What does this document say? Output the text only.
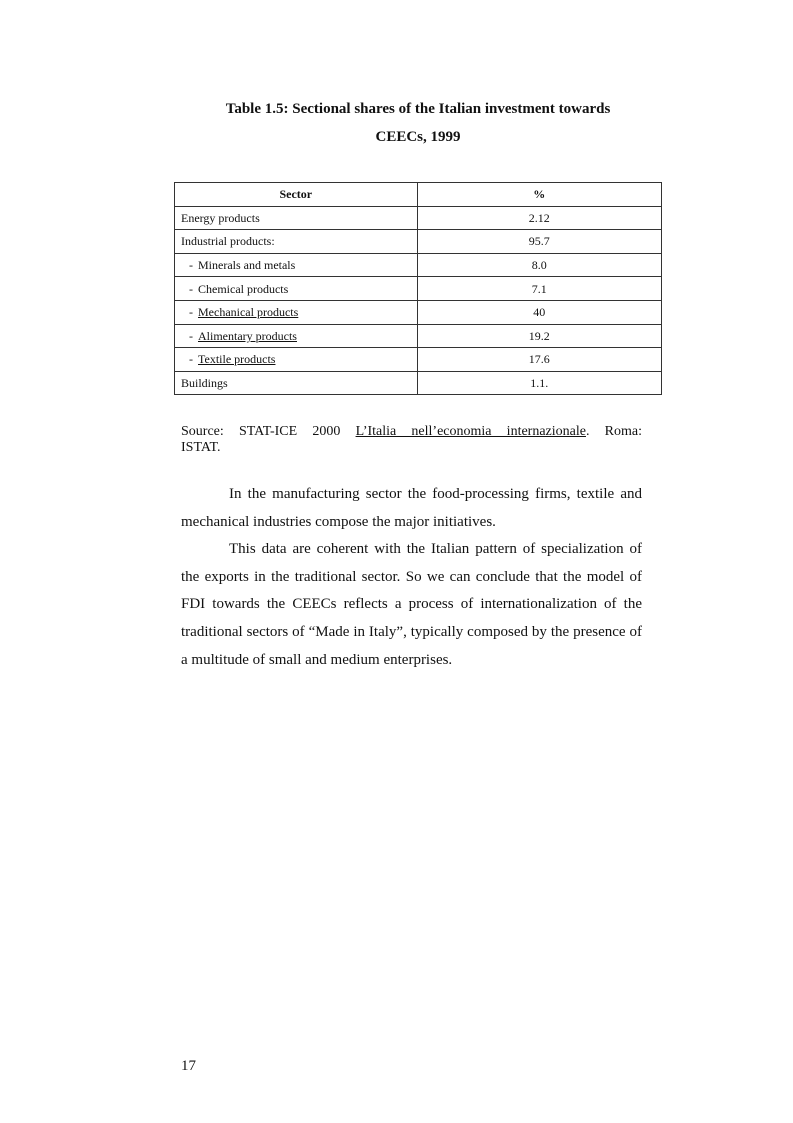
Table 1.5: Sectional shares of the Italian investment towards
CEECs, 1999
Sector	%
Energy products	2.12
Industrial products:	95.7
- Minerals and metals	8.0
- Chemical products	7.1
- Mechanical products	40
- Alimentary products	19.2
- Textile products	17.6
Buildings	1.1.
Source: STAT-ICE 2000 L’Italia nell’economia internazionale. Roma:
ISTAT.

In the manufacturing sector the food-processing firms, textile and mechanical industries compose the major initiatives.

This data are coherent with the Italian pattern of specialization of the exports in the traditional sector. So we can conclude that the model of FDI towards the CEECs reflects a process of internationalization of the traditional sectors of “Made in Italy”, typically composed by the presence of a multitude of small and medium enterprises.

17
